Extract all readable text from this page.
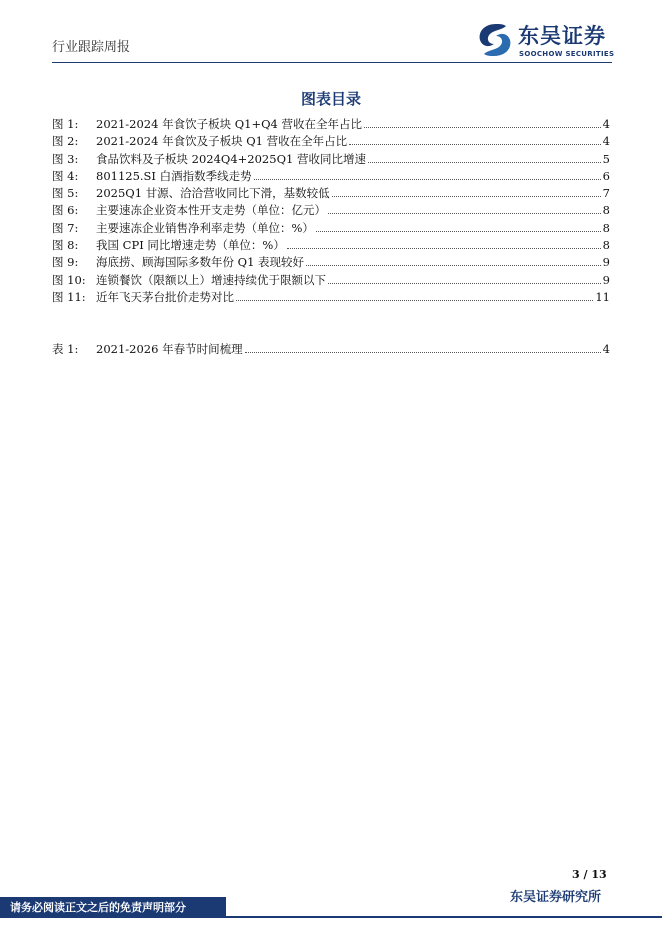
行业跟踪周报	东吴证券
SOOCHOW SECURITIES
图表目录
图 1:	2021-2024 年食饮子板块 Q1+Q4 营收在全年占比	4
图 2:	2021-2024 年食饮及子板块 Q1 营收在全年占比	4
图 3:	食品饮料及子板块 2024Q4+2025Q1 营收同比增速	5
图 4:	801125.SI 白酒指数季线走势	6
图 5:	2025Q1 甘源、洽洽营收同比下滑，基数较低	7
图 6:	主要速冻企业资本性开支走势（单位：亿元）	8
图 7:	主要速冻企业销售净利率走势（单位：%）	8
图 8:	我国 CPI 同比增速走势（单位：%）	8
图 9:	海底捞、顾海国际多数年份 Q1 表现较好	9
图 10: 连锁餐饮（限额以上）增速持续优于限额以下	9
图 11: 近年飞天茅台批价走势对比	11
表 1:	2021-2026 年春节时间梳理	4
3 / 13
东吴证券研究所
请务必阅读正文之后的免责声明部分
